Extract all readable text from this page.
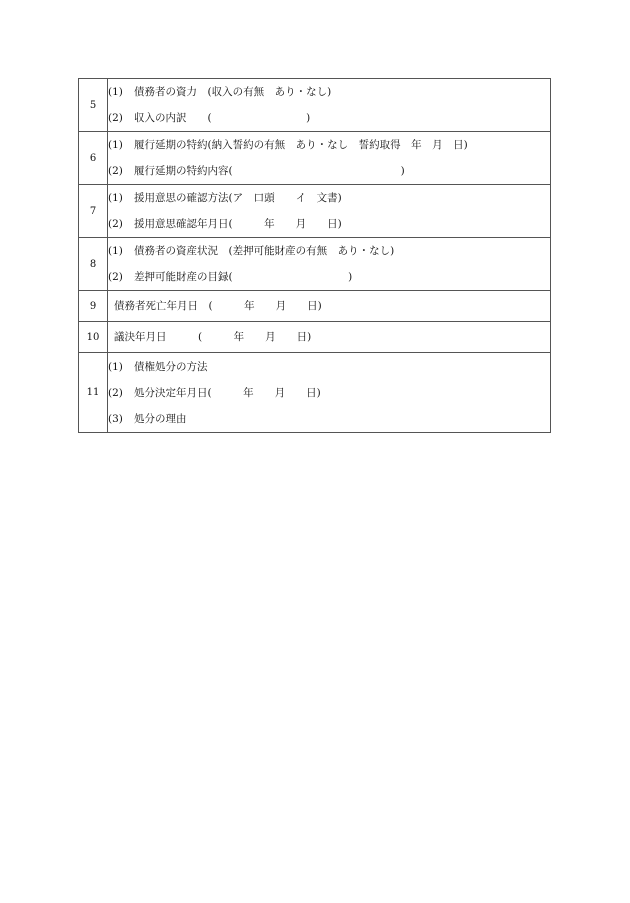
5	(1) 債務者の資力　(収入の有無　あり・なし)
(2) 収入の内訳　　(　　　　　　　　　)

6	(1) 履行延期の特約(納入誓約の有無　あり・なし　誓約取得　年　月　日)
(2) 履行延期の特約内容(　　　　　　　　　　　　　　　　)

7	(1) 援用意思の確認方法(ア　口頭　　イ　文書)
(2) 援用意思確認年月日(　　　年　　月　　日)

8	(1) 債務者の資産状況　(差押可能財産の有無　あり・なし)
(2) 差押可能財産の目録(　　　　　　　　　　　)

9	債務者死亡年月日　(　　　年　　月　　日)

10	議決年月日　　　(　　　年　　月　　日)

11	(1) 債権処分の方法
(2) 処分決定年月日(　　　年　　月　　日)
(3) 処分の理由
